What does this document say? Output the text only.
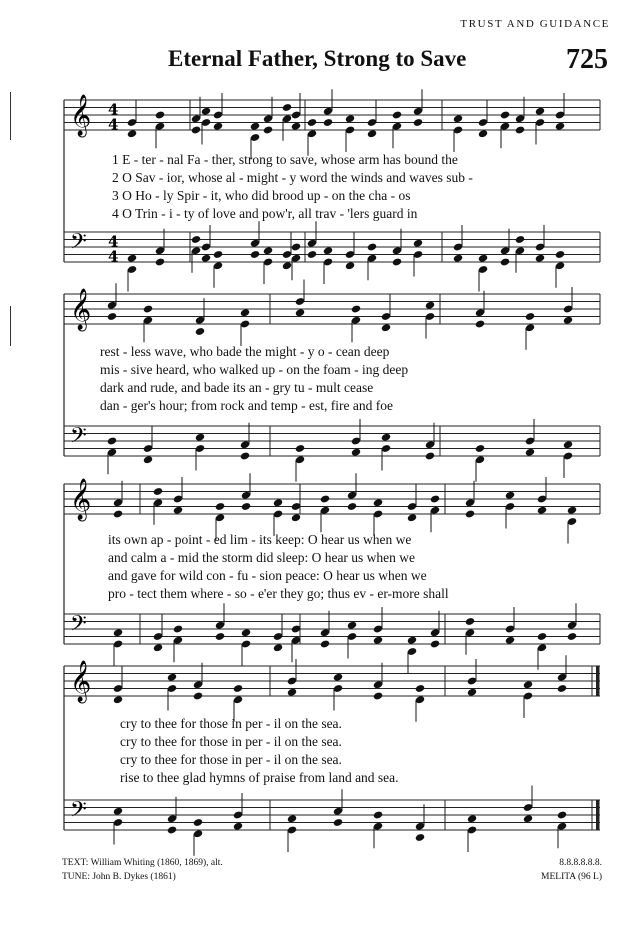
TRUST AND GUIDANCE
Eternal Father, Strong to Save	725
𝄞 4
4
𝄢 4
4
𝄞
𝄢
𝄞
𝄢
𝄞
𝄢
1 E - ter - nal Fa - ther, strong to save, whose arm has bound the
2 O Sav - ior, whose al - might - y word the winds and waves sub -
3 O Ho - ly Spir - it, who did brood up - on the cha - os
4 O Trin - i - ty of love and pow'r, all trav - 'lers guard in
rest - less wave, who bade the might - y o - cean deep
mis - sive heard, who walked up - on the foam - ing deep
dark and rude, and bade its an - gry tu - mult cease
dan - ger's hour; from rock and temp - est, fire and foe
its own ap - point - ed lim - its keep: O hear us when we
and calm a - mid the storm did sleep: O hear us when we
and gave for wild con - fu - sion peace: O hear us when we
pro - tect them where - so - e'er they go; thus ev - er-more shall
cry to thee for those in per - il on the sea.
cry to thee for those in per - il on the sea.
cry to thee for those in per - il on the sea.
rise to thee glad hymns of praise from land and sea.
TEXT: William Whiting (1860, 1869), alt.
TUNE: John B. Dykes (1861)
8.8.8.8.8.8.
MELITA (96 L)
